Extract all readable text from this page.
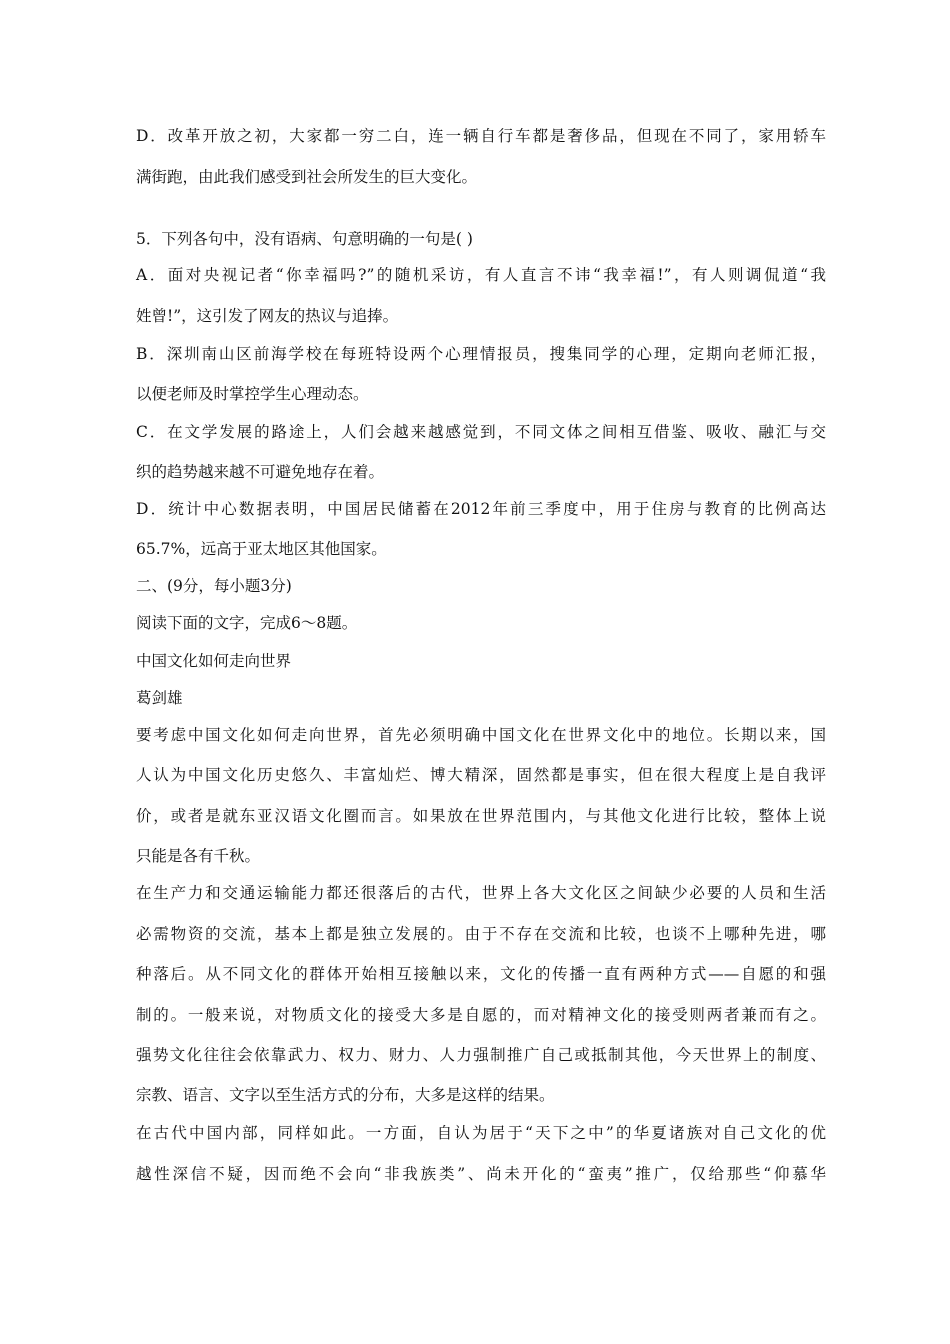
D．改革开放之初，大家都一穷二白，连一辆自行车都是奢侈品，但现在不同了，家用轿车
满街跑，由此我们感受到社会所发生的巨大变化。
5．下列各句中，没有语病、句意明确的一句是( )
A．面对央视记者“你幸福吗?”的随机采访，有人直言不讳“我幸福!”，有人则调侃道“我
姓曾!”，这引发了网友的热议与追捧。
B．深圳南山区前海学校在每班特设两个心理情报员，搜集同学的心理，定期向老师汇报，
以便老师及时掌控学生心理动态。
C．在文学发展的路途上，人们会越来越感觉到，不同文体之间相互借鉴、吸收、融汇与交
织的趋势越来越不可避免地存在着。
D．统计中心数据表明，中国居民储蓄在2012年前三季度中，用于住房与教育的比例高达
65.7%，远高于亚太地区其他国家。
二、(9分，每小题3分)
阅读下面的文字，完成6～8题。
中国文化如何走向世界
葛剑雄
要考虑中国文化如何走向世界，首先必须明确中国文化在世界文化中的地位。长期以来，国
人认为中国文化历史悠久、丰富灿烂、博大精深，固然都是事实，但在很大程度上是自我评
价，或者是就东亚汉语文化圈而言。如果放在世界范围内，与其他文化进行比较，整体上说
只能是各有千秋。
在生产力和交通运输能力都还很落后的古代，世界上各大文化区之间缺少必要的人员和生活
必需物资的交流，基本上都是独立发展的。由于不存在交流和比较，也谈不上哪种先进，哪
种落后。从不同文化的群体开始相互接触以来，文化的传播一直有两种方式——自愿的和强
制的。一般来说，对物质文化的接受大多是自愿的，而对精神文化的接受则两者兼而有之。
强势文化往往会依靠武力、权力、财力、人力强制推广自己或抵制其他，今天世界上的制度、
宗教、语言、文字以至生活方式的分布，大多是这样的结果。
在古代中国内部，同样如此。一方面，自认为居于“天下之中”的华夏诸族对自己文化的优
越性深信不疑，因而绝不会向“非我族类”、尚未开化的“蛮夷”推广，仅给那些“仰慕华
